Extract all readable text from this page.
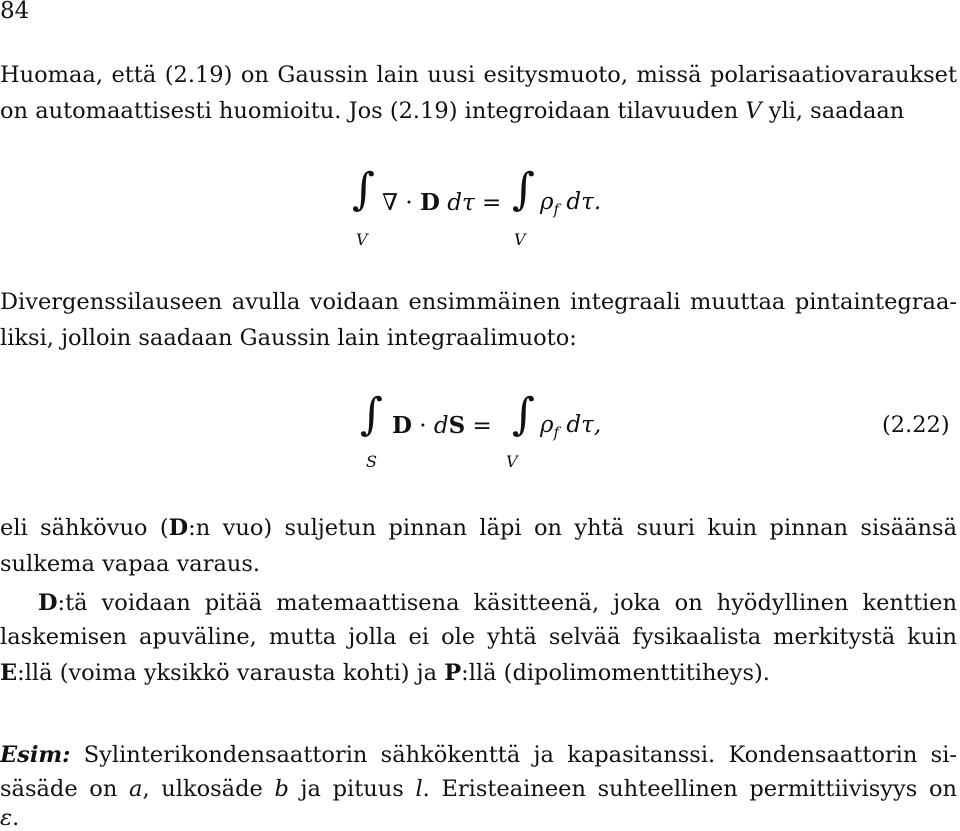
84
Huomaa, että (2.19) on Gaussin lain uusi esitysmuoto, missä polarisaatiovaraukset
on automaattisesti huomioitu. Jos (2.19) integroidaan tilavuuden V yli, saadaan
∫
V
∇ · D dτ = ∫
V
$\rho_f$ dτ.
Divergenssilauseen avulla voidaan ensimmäinen integraali muuttaa pintaintegraa-
liksi, jolloin saadaan Gaussin lain integraalimuoto:
∫
S
D · dS = ∫
V
$\rho_f$ dτ,	(2.22)
eli sähkövuo (D:n vuo) suljetun pinnan läpi on yhtä suuri kuin pinnan sisäänsä
sulkema vapaa varaus.
D:tä voidaan pitää matemaattisena käsitteenä, joka on hyödyllinen kenttien
laskemisen apuväline, mutta jolla ei ole yhtä selvää fysikaalista merkitystä kuin
E:llä (voima yksikkö varausta kohti) ja P:llä (dipolimomenttitiheys).
Esim: Sylinterikondensaattorin sähkökenttä ja kapasitanssi. Kondensaattorin si-
säsäde on a, ulkosäde b ja pituus l. Eristeaineen suhteellinen permittiivisyys on
ε.
